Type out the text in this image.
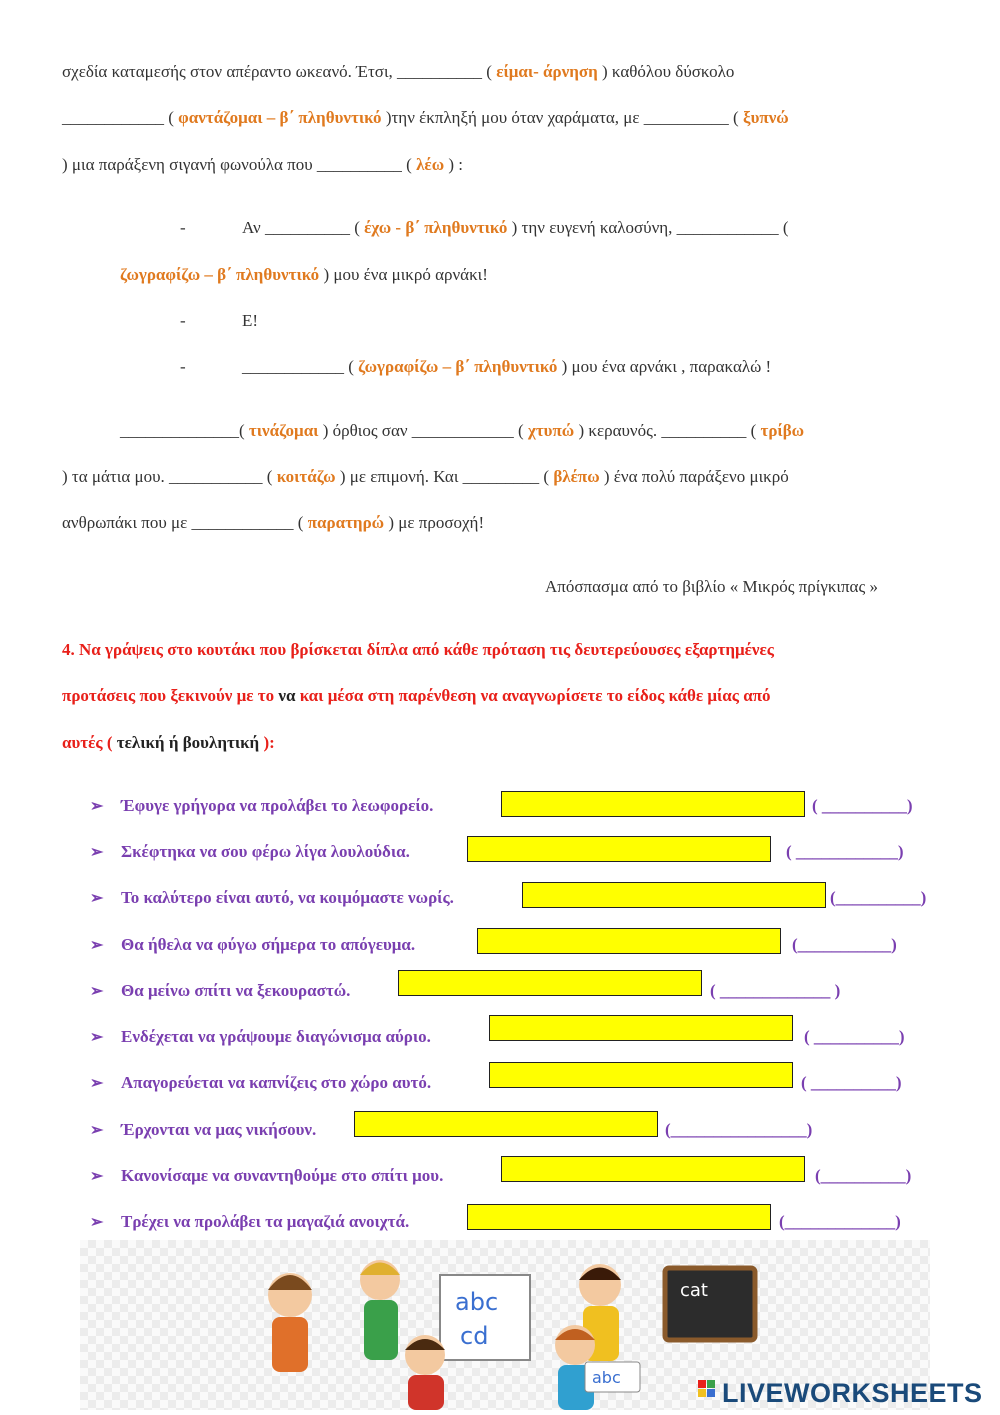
σχεδία καταμεσής στον απέραντο ωκεανό. Έτσι, __________ ( είμαι- άρνηση ) καθόλου δύσκολο
____________ ( φαντάζομαι – β΄ πληθυντικό )την έκπληξή μου όταν χαράματα, με __________ ( ξυπνώ
) μια παράξενη σιγανή φωνούλα που __________ ( λέω ) :
-	Αν __________ ( έχω - β΄ πληθυντικό ) την ευγενή καλοσύνη, ____________ (
ζωγραφίζω – β΄ πληθυντικό ) μου ένα μικρό αρνάκι!
-	Ε!
-	____________ ( ζωγραφίζω – β΄ πληθυντικό ) μου ένα αρνάκι , παρακαλώ !
______________( τινάζομαι ) όρθιος σαν ____________ ( χτυπώ ) κεραυνός. __________ ( τρίβω
) τα μάτια μου. ___________ ( κοιτάζω ) με επιμονή. Και _________ ( βλέπω ) ένα πολύ παράξενο μικρό
ανθρωπάκι που με ____________ ( παρατηρώ ) με προσοχή!
Απόσπασμα από το βιβλίο « Μικρός πρίγκιπας »
4. Να γράψεις στο κουτάκι που βρίσκεται δίπλα από κάθε πρόταση τις δευτερεύουσες εξαρτημένες
προτάσεις που ξεκινούν με το να και μέσα στη παρένθεση να αναγνωρίσετε το είδος κάθε μίας από
αυτές ( τελική ή βουλητική ):
➢ Έφυγε γρήγορα να προλάβει το λεωφορείο.	( __________)
➢ Σκέφτηκα να σου φέρω λίγα λουλούδια.	( ____________)
➢ Το καλύτερο είναι αυτό, να κοιμόμαστε νωρίς.	(__________)
➢ Θα ήθελα να φύγω σήμερα το απόγευμα.	(___________)
➢ Θα μείνω σπίτι να ξεκουραστώ.	( _____________ )
➢ Ενδέχεται να γράψουμε διαγώνισμα αύριο.	( __________)
➢ Απαγορεύεται να καπνίζεις στο χώρο αυτό.	( __________)
➢ Έρχονται να μας νικήσουν.	(________________)
➢ Κανονίσαμε να συναντηθούμε στο σπίτι μου.	(__________)
➢ Τρέχει να προλάβει τα μαγαζιά ανοιχτά.	(_____________)
cat
abc
cd
abc
LIVEWORKSHEETS
